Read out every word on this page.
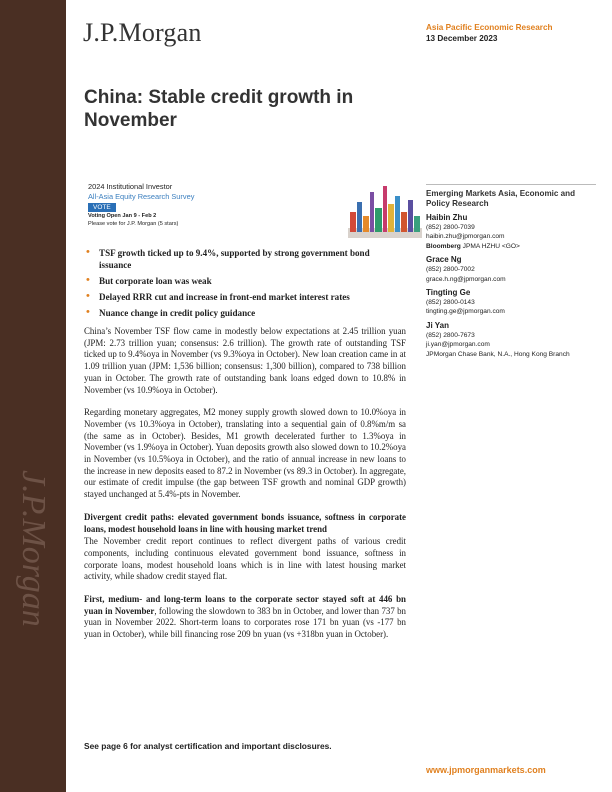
J.P.Morgan
J.P.Morgan	Asia Pacific Economic Research
13 December 2023
China: Stable credit growth in November
2024 Institutional Investor
All-Asia Equity Research Survey
VOTE
Voting Open Jan 9 - Feb 2
Please vote for J.P. Morgan (5 stars)
• TSF growth ticked up to 9.4%, supported by strong government bond issuance
• But corporate loan was weak
• Delayed RRR cut and increase in front-end market interest rates
• Nuance change in credit policy guidance

China’s November TSF flow came in modestly below expectations at 2.45 trillion yuan (JPM: 2.73 trillion yuan; consensus: 2.6 trillion). The growth rate of outstanding TSF ticked up to 9.4%oya in November (vs 9.3%oya in October). New loan creation came in at 1.09 trillion yuan (JPM: 1,536 billion; consensus: 1,300 billion), compared to 738 billion yuan in October. The growth rate of outstanding bank loans edged down to 10.8% in November (vs 10.9%oya in October).

Regarding monetary aggregates, M2 money supply growth slowed down to 10.0%oya in November (vs 10.3%oya in October), translating into a sequential gain of 0.8%m/m sa (the same as in October). Besides, M1 growth decelerated further to 1.3%oya in November (vs 1.9%oya in October). Yuan deposits growth also slowed down to 10.2%oya in November (vs 10.5%oya in October), and the ratio of annual increase in new loans to the increase in new deposits eased to 87.2 in November (vs 89.3 in October). In aggregate, our estimate of credit impulse (the gap between TSF growth and nominal GDP growth) stayed unchanged at 5.4%-pts in November.

Divergent credit paths: elevated government bonds issuance, softness in corporate loans, modest household loans in line with housing market trend

The November credit report continues to reflect divergent paths of various credit components, including continuous elevated government bond issuance, softness in corporate loans, modest household loans which is in line with latest housing market activity, while shadow credit stayed flat.

First, medium- and long-term loans to the corporate sector stayed soft at 446 bn yuan in November, following the slowdown to 383 bn in October, and lower than 737 bn yuan in November 2022. Short-term loans to corporates rose 171 bn yuan (vs -177 bn yuan in October), while bill financing rose 209 bn yuan (vs +318bn yuan in October).

Emerging Markets Asia, Economic and Policy Research
Haibin Zhu
(852) 2800-7039
haibin.zhu@jpmorgan.com
Bloomberg JPMA HZHU <GO>
Grace Ng
(852) 2800-7002
grace.h.ng@jpmorgan.com
Tingting Ge
(852) 2800-0143
tingting.ge@jpmorgan.com
Ji Yan
(852) 2800-7673
ji.yan@jpmorgan.com
JPMorgan Chase Bank, N.A., Hong Kong Branch
See page 6 for analyst certification and important disclosures.
www.jpmorganmarkets.com
